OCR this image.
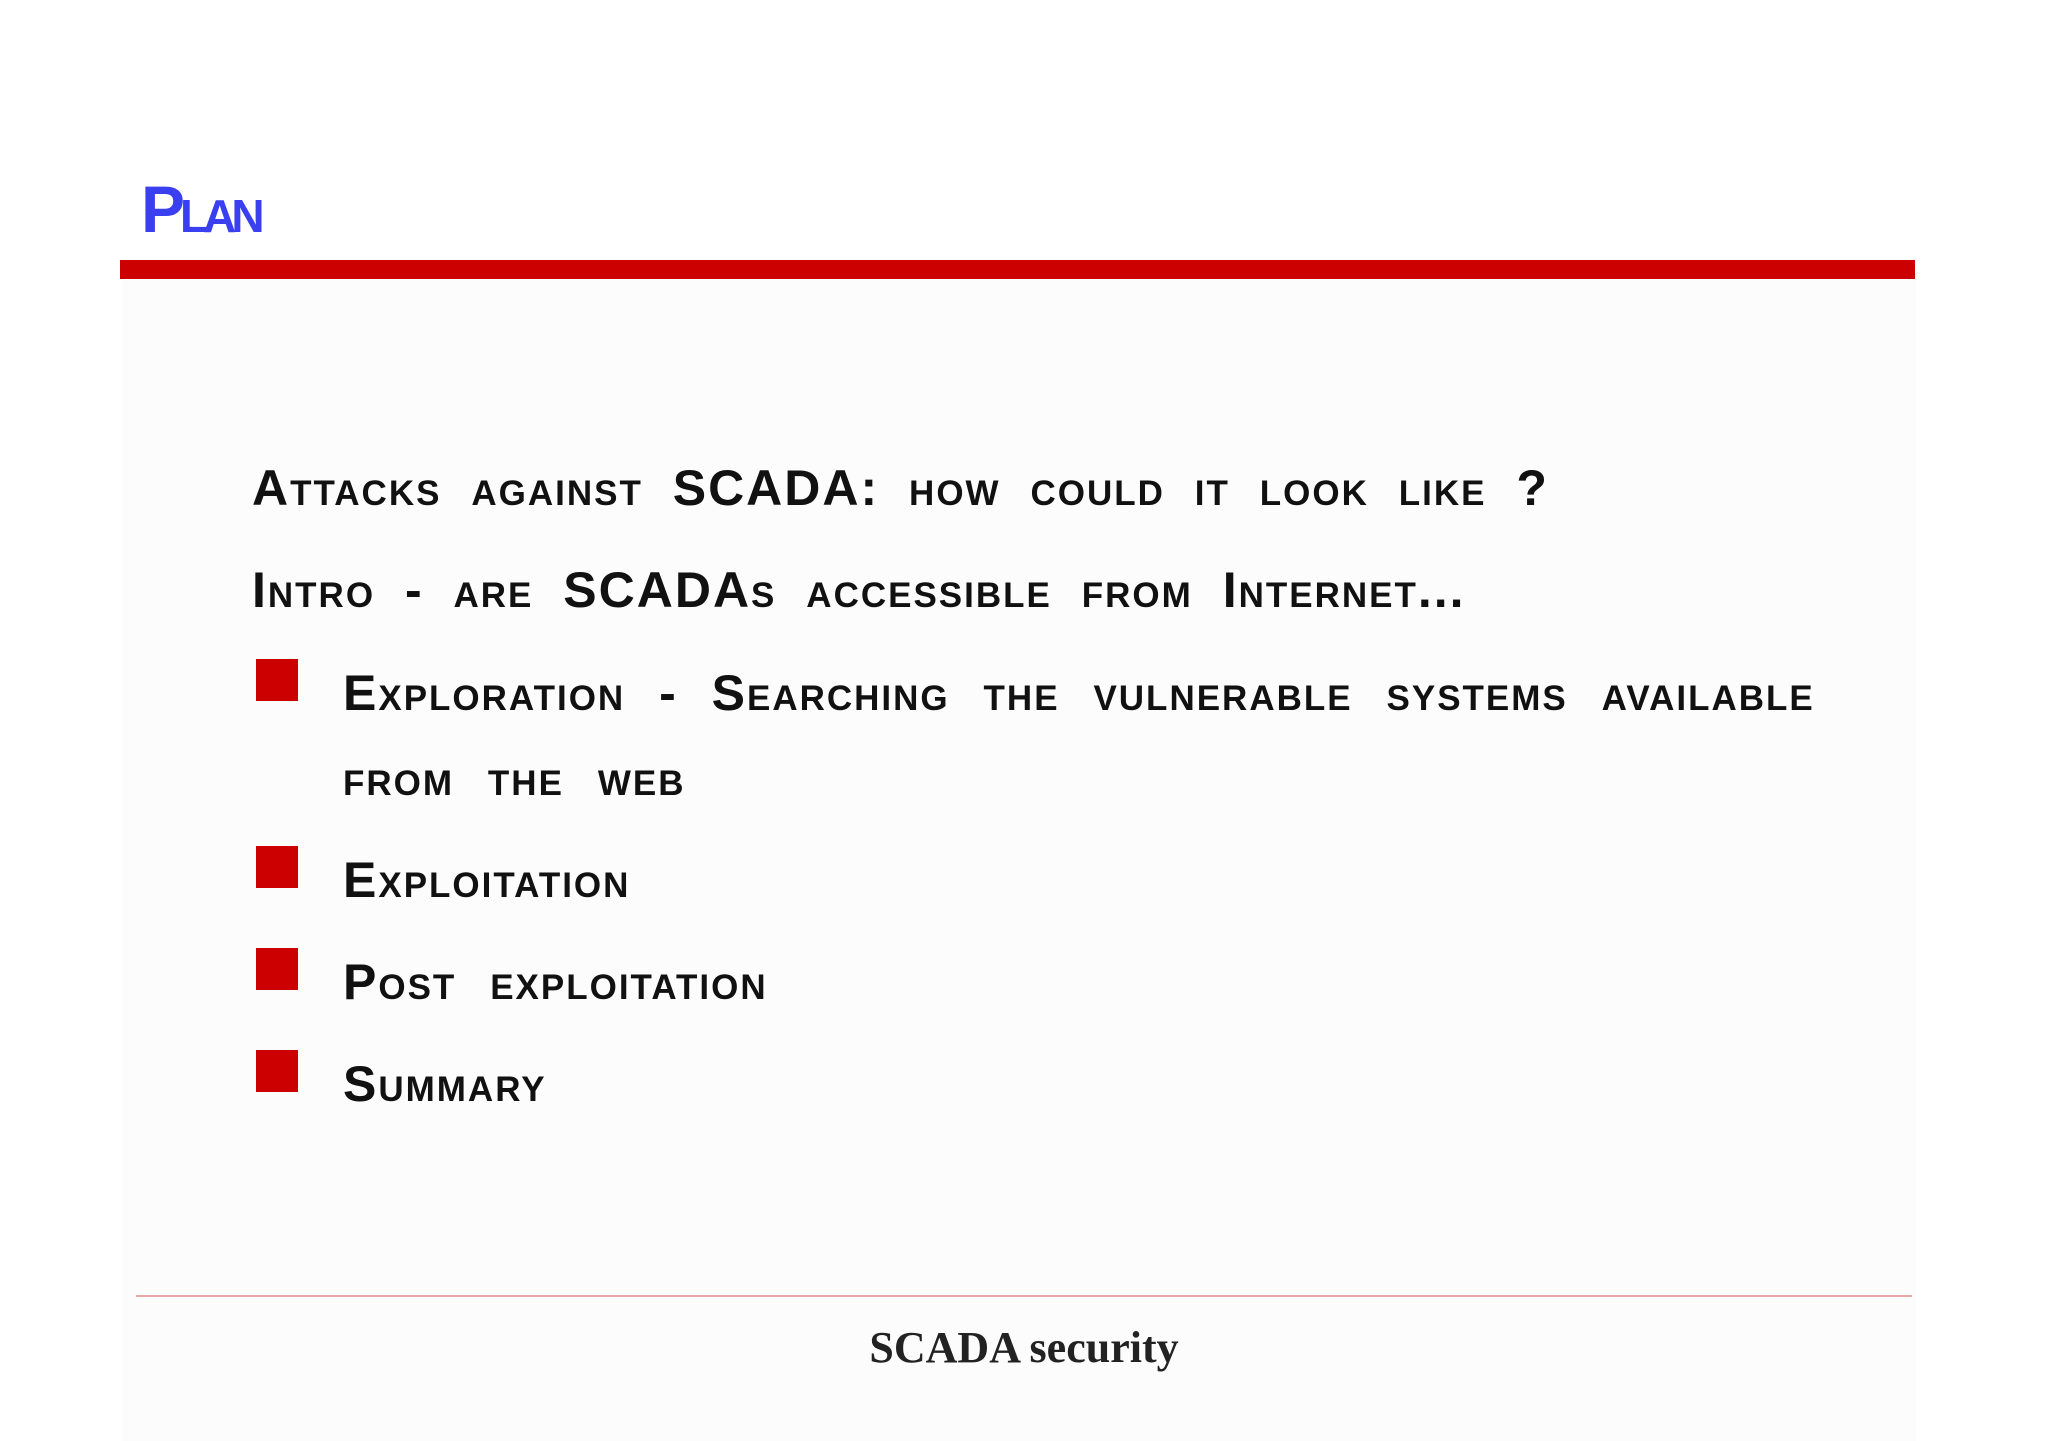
Plan
Attacks against SCADA: how could it look like ?
Intro - are SCADAs accessible from Internet...
Exploration - Searching the vulnerable systems available
from the web
Exploitation
Post exploitation
Summary
SCADA security
